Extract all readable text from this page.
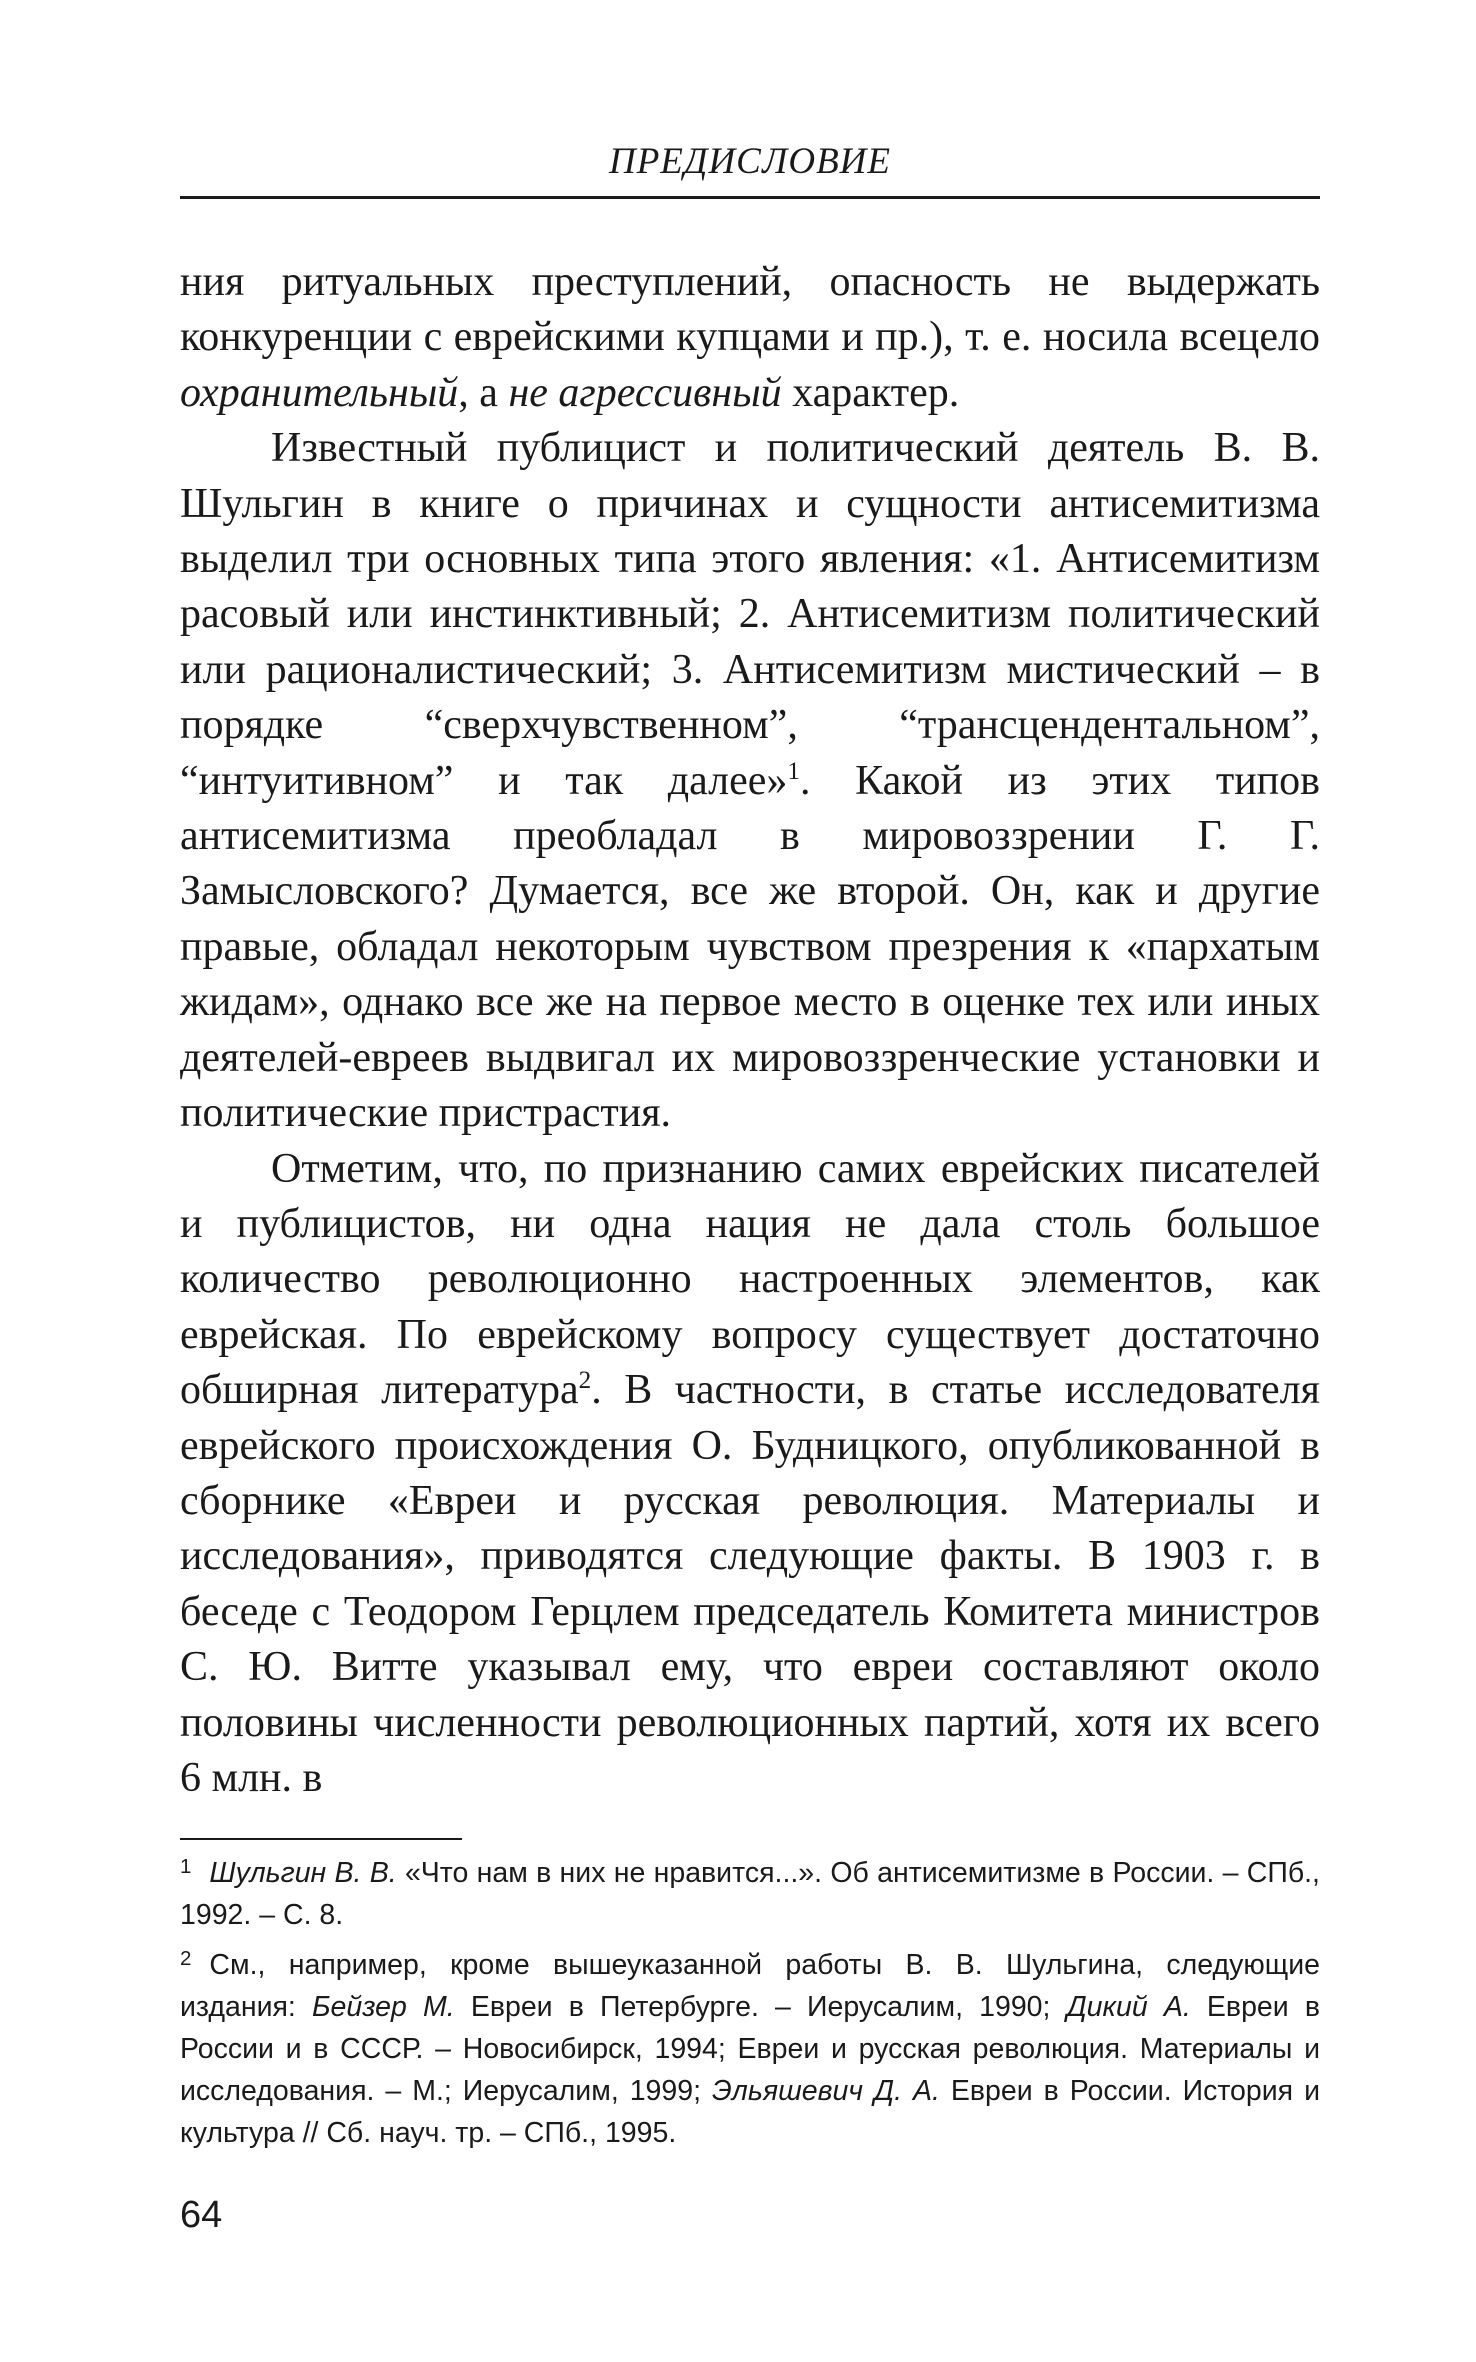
ПРЕДИСЛОВИЕ

ния ритуальных преступлений, опасность не выдержать конкуренции с еврейскими купцами и пр.), т. е. носила всецело охранительный, а не агрессивный характер.

Известный публицист и политический деятель В. В. Шульгин в книге о причинах и сущности антисемитизма выделил три основных типа этого явления: «1. Антисемитизм расовый или инстинктивный; 2. Антисемитизм политический или рационалистический; 3. Антисемитизм мистический – в порядке “сверхчувственном”, “трансцендентальном”, “интуитивном” и так далее»$^1$. Какой из этих типов антисемитизма преобладал в мировоззрении Г. Г. Замысловского? Думается, все же второй. Он, как и другие правые, обладал некоторым чувством презрения к «пархатым жидам», однако все же на первое место в оценке тех или иных деятелей-евреев выдвигал их мировоззренческие установки и политические пристрастия.

Отметим, что, по признанию самих еврейских писателей и публицистов, ни одна нация не дала столь большое количество революционно настроенных элементов, как еврейская. По еврейскому вопросу существует достаточно обширная литература$^2$. В частности, в статье исследователя еврейского происхождения О. Будницкого, опубликованной в сборнике «Евреи и русская революция. Материалы и исследования», приводятся следующие факты. В 1903 г. в беседе с Теодором Герцлем председатель Комитета министров С. Ю. Витте указывал ему, что евреи составляют около половины численности революционных партий, хотя их всего 6 млн. в

$^1$ Шульгин В. В. «Что нам в них не нравится...». Об антисемитизме в России. – СПб., 1992. – С. 8.

$^2$ См., например, кроме вышеуказанной работы В. В. Шульгина, следующие издания: Бейзер М. Евреи в Петербурге. – Иерусалим, 1990; Дикий А. Евреи в России и в СССР. – Новосибирск, 1994; Евреи и русская революция. Материалы и исследования. – М.; Иерусалим, 1999; Эльяшевич Д. А. Евреи в России. История и культура // Сб. науч. тр. – СПб., 1995.

64
